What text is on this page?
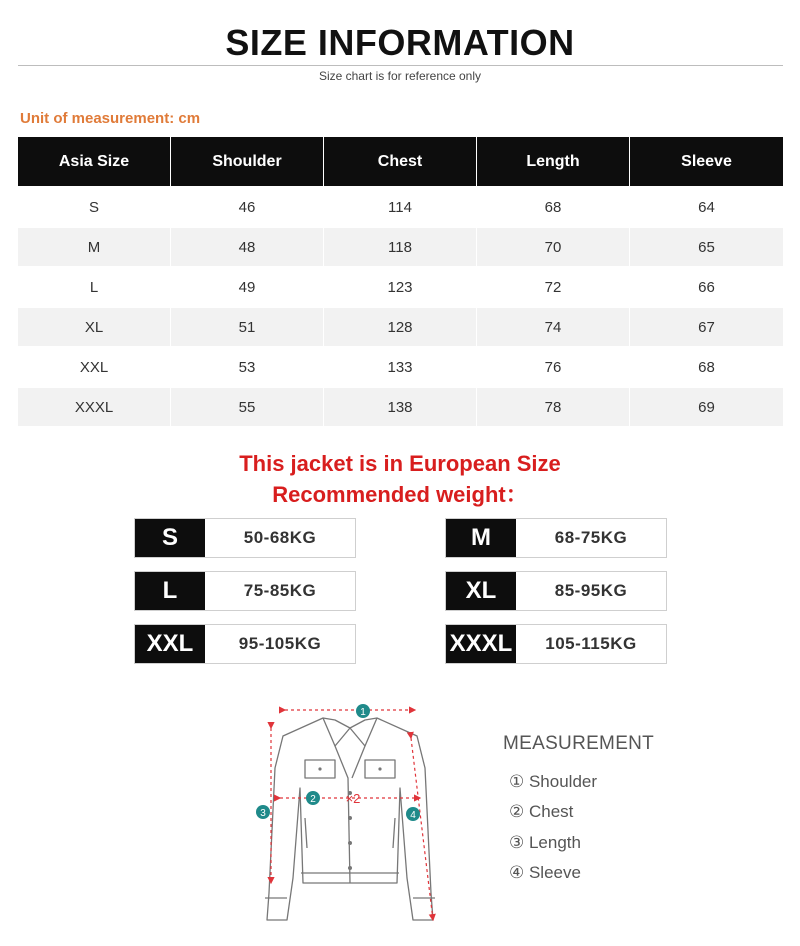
SIZE INFORMATION
Size chart is for reference only
Unit of measurement: cm
Asia Size	Shoulder	Chest	Length	Sleeve
S	46	114	68	64
M	48	118	70	65
L	49	123	72	66
XL	51	128	74	67
XXL	53	133	76	68
XXXL	55	138	78	69
This jacket is in European Size
Recommended weight：
S	50-68KG	M	68-75KG
L	75-85KG	XL	85-95KG
XXL	95-105KG	XXXL	105-115KG
1
2
3	4
×2
MEASUREMENT
① Shoulder
② Chest
③ Length
④ Sleeve
